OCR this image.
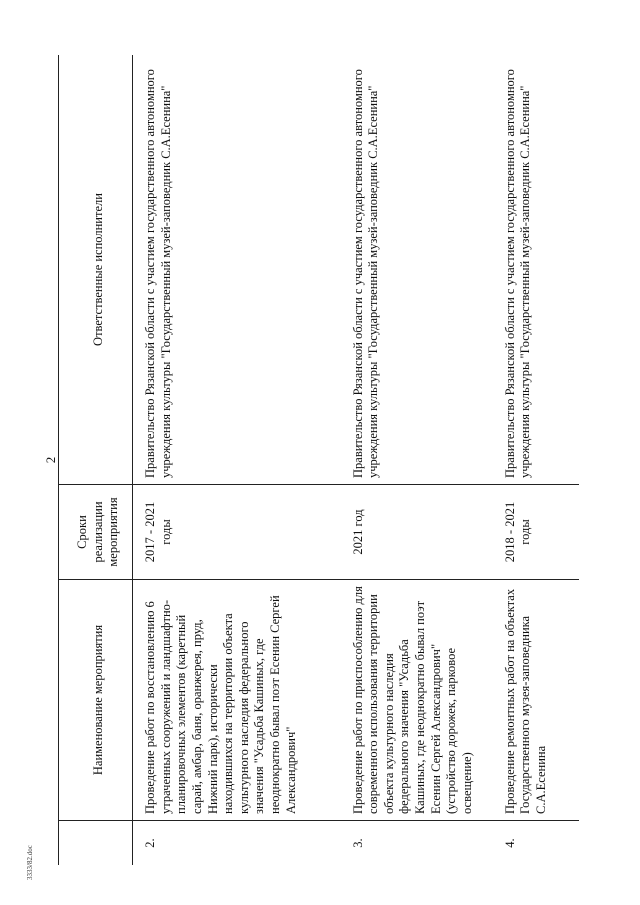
2
	Наименование мероприятия	Сроки реализации мероприятия	Ответственные исполнители
2.	Проведение работ по восстановлению 6 утраченных сооружений и ландшафтно-планировочных элементов (каретный сарай, амбар, баня, оранжерея, пруд, Нижний парк), исторически находившихся на территории объекта культурного наследия федерального значения "Усадьба Кашиных, где неоднократно бывал поэт Есенин Сергей Александрович"	2017 - 2021 годы	Правительство Рязанской области с участием государственного автономного учреждения культуры "Государственный музей-заповедник С.А.Есенина"
3.	Проведение работ по приспособлению для современного использования территории объекта культурного наследия федерального значения "Усадьба Кашиных, где неоднократно бывал поэт Есенин Сергей Александрович" (устройство дорожек, парковое освещение)	2021 год	Правительство Рязанской области с участием государственного автономного учреждения культуры "Государственный музей-заповедник С.А.Есенина"
4.	Проведение ремонтных работ на объектах Государственного музея-заповедника С.А.Есенина	2018 - 2021 годы	Правительство Рязанской области с участием государственного автономного учреждения культуры "Государственный музей-заповедник С.А.Есенина"
3333/82.doc
